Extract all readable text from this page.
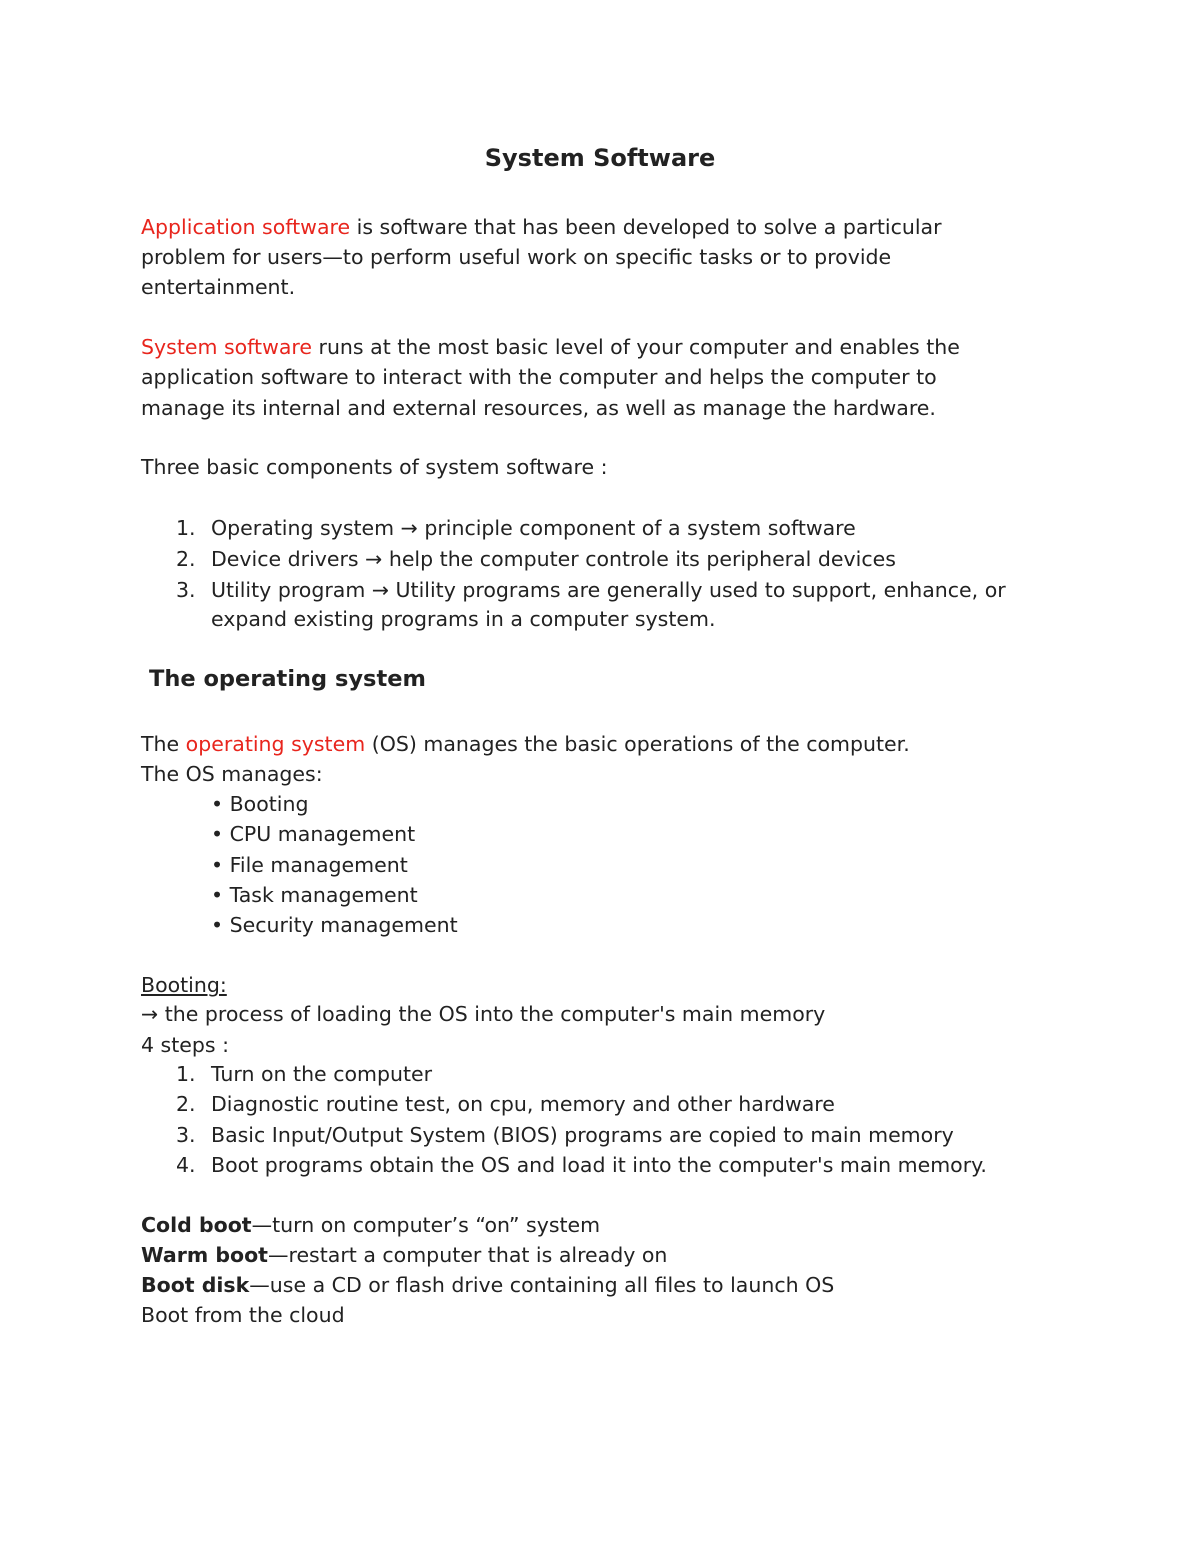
System Software
Application software is software that has been developed to solve a particular
problem for users—to perform useful work on specific tasks or to provide
entertainment.
System software runs at the most basic level of your computer and enables the
application software to interact with the computer and helps the computer to
manage its internal and external resources, as well as manage the hardware.
Three basic components of system software :
1. Operating system → principle component of a system software
2. Device drivers → help the computer controle its peripheral devices
3. Utility program → Utility programs are generally used to support, enhance, or
expand existing programs in a computer system.
The operating system
The operating system (OS) manages the basic operations of the computer.
The OS manages:
• Booting
• CPU management
• File management
• Task management
• Security management
Booting:
→ the process of loading the OS into the computer's main memory
4 steps :
1. Turn on the computer
2. Diagnostic routine test, on cpu, memory and other hardware
3. Basic Input/Output System (BIOS) programs are copied to main memory
4. Boot programs obtain the OS and load it into the computer's main memory.
Cold boot—turn on computer’s “on” system
Warm boot—restart a computer that is already on
Boot disk—use a CD or flash drive containing all files to launch OS
Boot from the cloud
